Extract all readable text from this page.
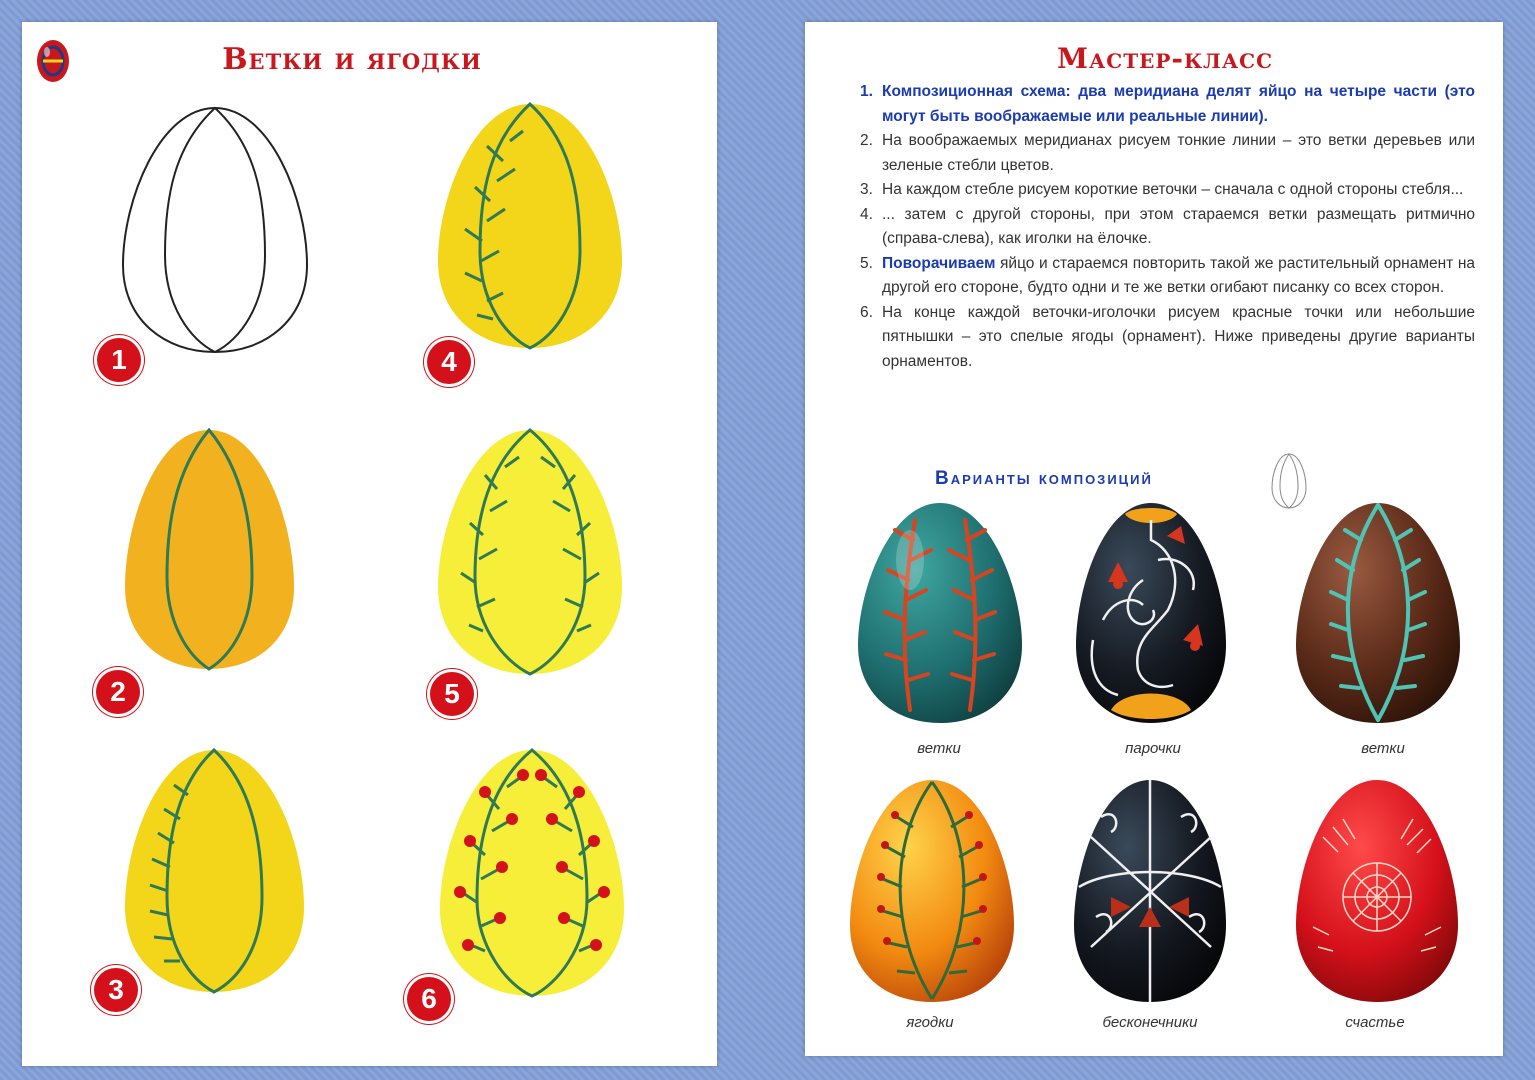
Ветки и ягодки
1	4
2	5
3	6
Мастер-класс
1. Композиционная схема: два меридиана делят яйцо на четыре части (это могут быть воображаемые или реальные линии).
2. На воображаемых меридианах рисуем тонкие линии – это ветки деревьев или зеленые стебли цветов.
3. На каждом стебле рисуем короткие веточки – сначала с одной стороны стебля...
4. ... затем с другой стороны, при этом стараемся ветки размещать ритмично (справа-слева), как иголки на ёлочке.
5. Поворачиваем яйцо и стараемся повторить такой же растительный орнамент на другой его стороне, будто одни и те же ветки огибают писанку со всех сторон.
6. На конце каждой веточки-иголочки рисуем красные точки или небольшие пятнышки – это спелые ягоды (орнамент). Ниже приведены другие варианты орнаментов.
Варианты композиций
ветки	парочки	ветки
ягодки	бесконечники	счастье
